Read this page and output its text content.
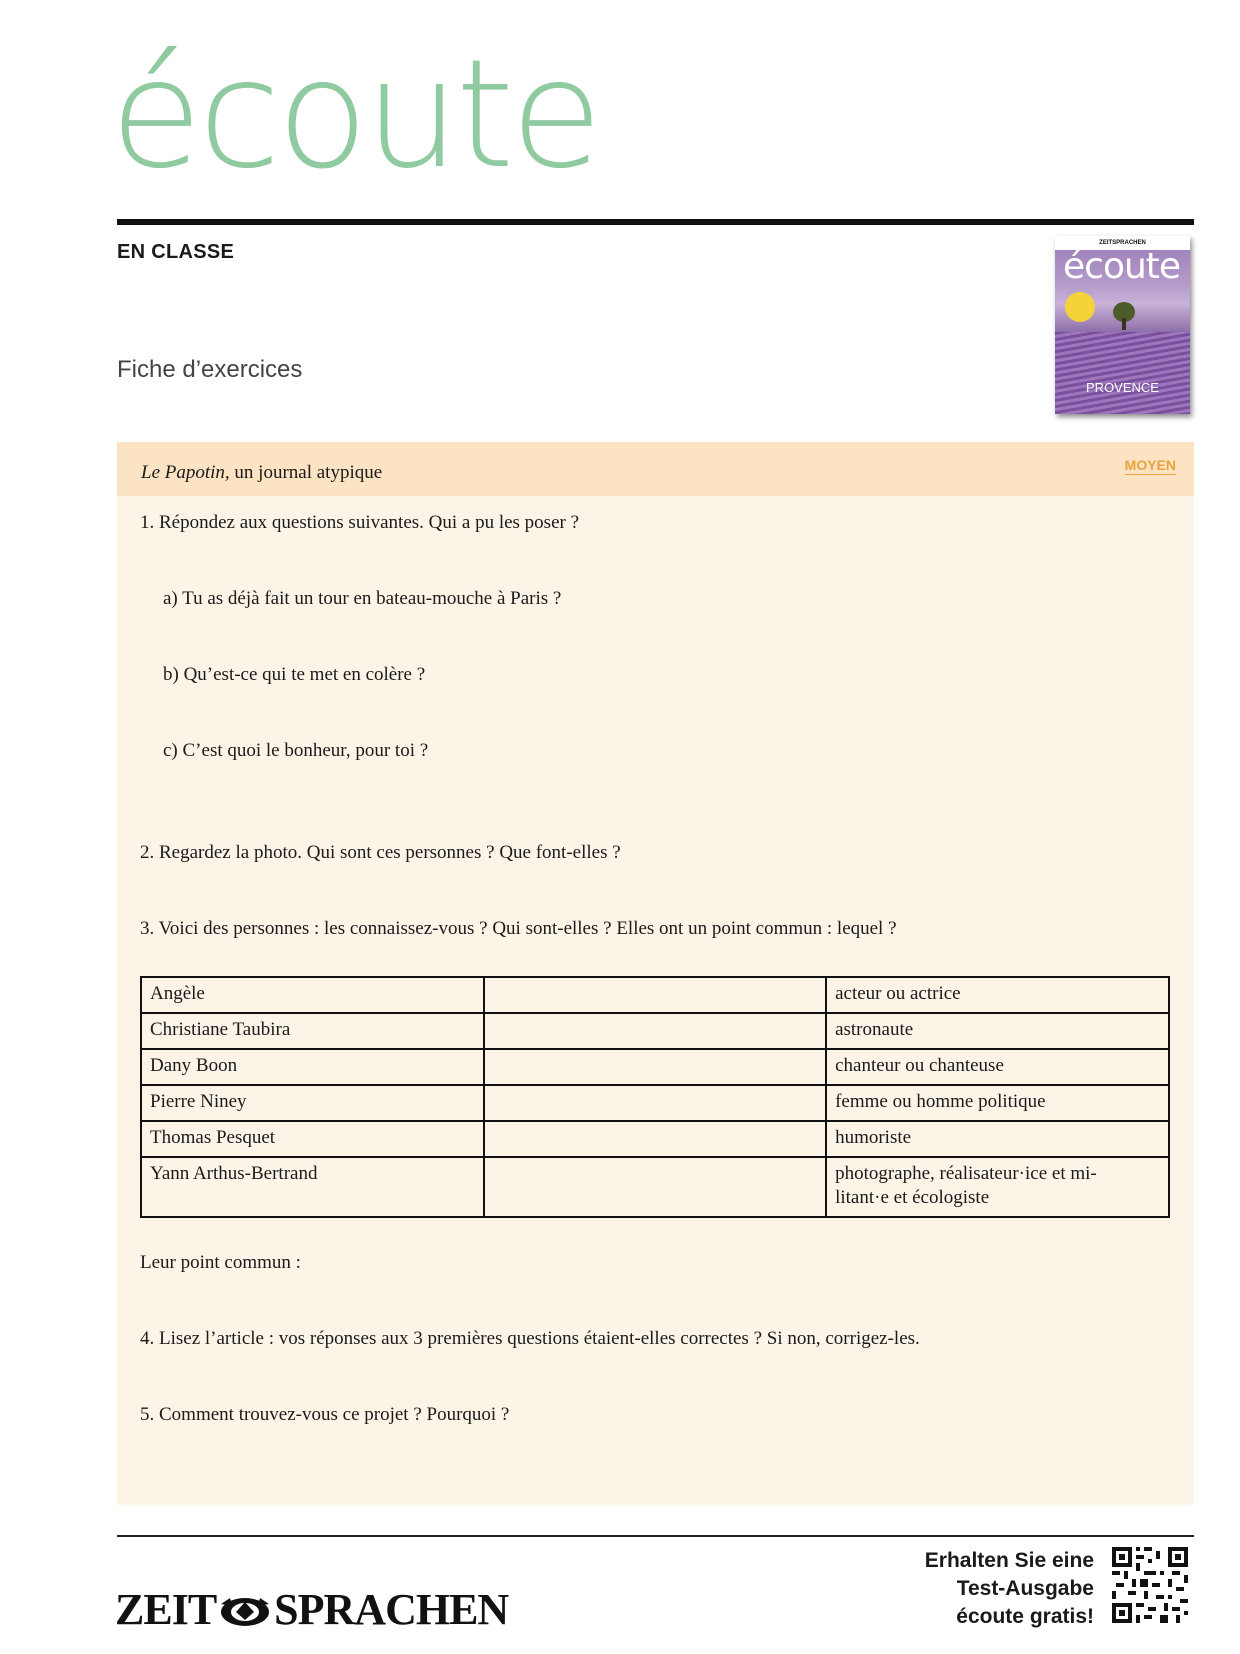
écoute
EN CLASSE
Fiche d’exercices
ZEITSPRACHEN
écoute
PROVENCE
Le Papotin, un journal atypique	MOYEN
1. Répondez aux questions suivantes. Qui a pu les poser ?
a) Tu as déjà fait un tour en bateau-mouche à Paris ?
b) Qu’est-ce qui te met en colère ?
c) C’est quoi le bonheur, pour toi ?
2. Regardez la photo. Qui sont ces personnes ? Que font-elles ?
3. Voici des personnes : les connaissez-vous ? Qui sont-elles ? Elles ont un point commun : lequel ?
Angèle		acteur ou actrice
Christiane Taubira		astronaute
Dany Boon		chanteur ou chanteuse
Pierre Niney		femme ou homme politique
Thomas Pesquet		humoriste
Yann Arthus-Bertrand		photographe, réalisateur·ice et mi-
litant·e et écologiste
Leur point commun :
4. Lisez l’article : vos réponses aux 3 premières questions étaient-elles correctes ? Si non, corrigez-les.
5. Comment trouvez-vous ce projet ? Pourquoi ?
ZEIT SPRACHEN
Erhalten Sie eine
Test-Ausgabe
écoute gratis!
